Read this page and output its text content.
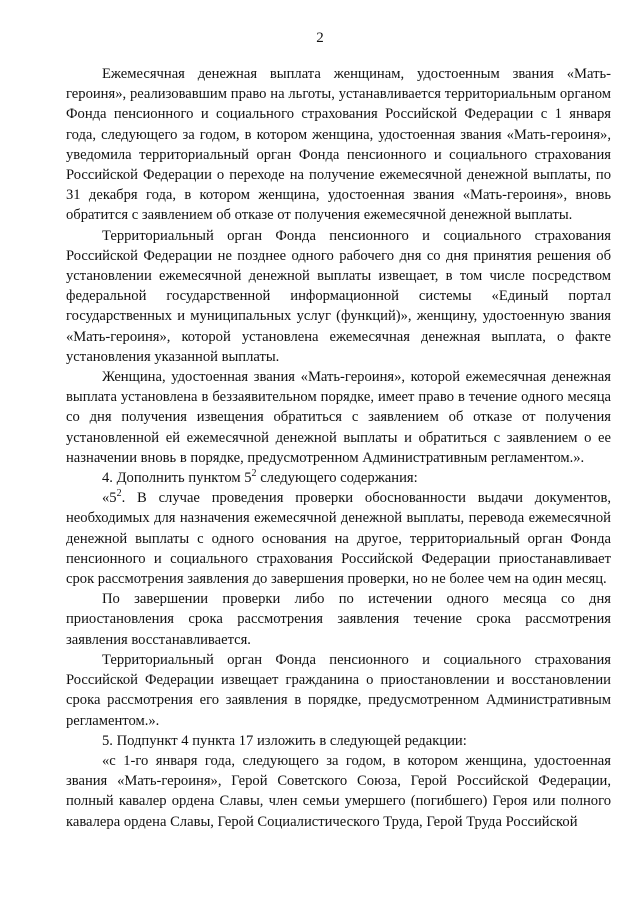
2

Ежемесячная денежная выплата женщинам, удостоенным звания «Мать-героиня», реализовавшим право на льготы, устанавливается территориальным органом Фонда пенсионного и социального страхования Российской Федерации с 1 января года, следующего за годом, в котором женщина, удостоенная звания «Мать-героиня», уведомила территориальный орган Фонда пенсионного и социального страхования Российской Федерации о переходе на получение ежемесячной денежной выплаты, по 31 декабря года, в котором женщина, удостоенная звания «Мать-героиня», вновь обратится с заявлением об отказе от получения ежемесячной денежной выплаты.

Территориальный орган Фонда пенсионного и социального страхования Российской Федерации не позднее одного рабочего дня со дня принятия решения об установлении ежемесячной денежной выплаты извещает, в том числе посредством федеральной государственной информационной системы «Единый портал государственных и муниципальных услуг (функций)», женщину, удостоенную звания «Мать-героиня», которой установлена ежемесячная денежная выплата, о факте установления указанной выплаты.

Женщина, удостоенная звания «Мать-героиня», которой ежемесячная денежная выплата установлена в беззаявительном порядке, имеет право в течение одного месяца со дня получения извещения обратиться с заявлением об отказе от получения установленной ей ежемесячной денежной выплаты и обратиться с заявлением о ее назначении вновь в порядке, предусмотренном Административным регламентом.».

4. Дополнить пунктом $5^2$ следующего содержания:

«$5^2$. В случае проведения проверки обоснованности выдачи документов, необходимых для назначения ежемесячной денежной выплаты, перевода ежемесячной денежной выплаты с одного основания на другое, территориальный орган Фонда пенсионного и социального страхования Российской Федерации приостанавливает срок рассмотрения заявления до завершения проверки, но не более чем на один месяц.

По завершении проверки либо по истечении одного месяца со дня приостановления срока рассмотрения заявления течение срока рассмотрения заявления восстанавливается.

Территориальный орган Фонда пенсионного и социального страхования Российской Федерации извещает гражданина о приостановлении и восстановлении срока рассмотрения его заявления в порядке, предусмотренном Административным регламентом.».

5. Подпункт 4 пункта 17 изложить в следующей редакции:

«с 1-го января года, следующего за годом, в котором женщина, удостоенная звания «Мать-героиня», Герой Советского Союза, Герой Российской Федерации, полный кавалер ордена Славы, член семьи умершего (погибшего) Героя или полного кавалера ордена Славы, Герой Социалистического Труда, Герой Труда Российской
